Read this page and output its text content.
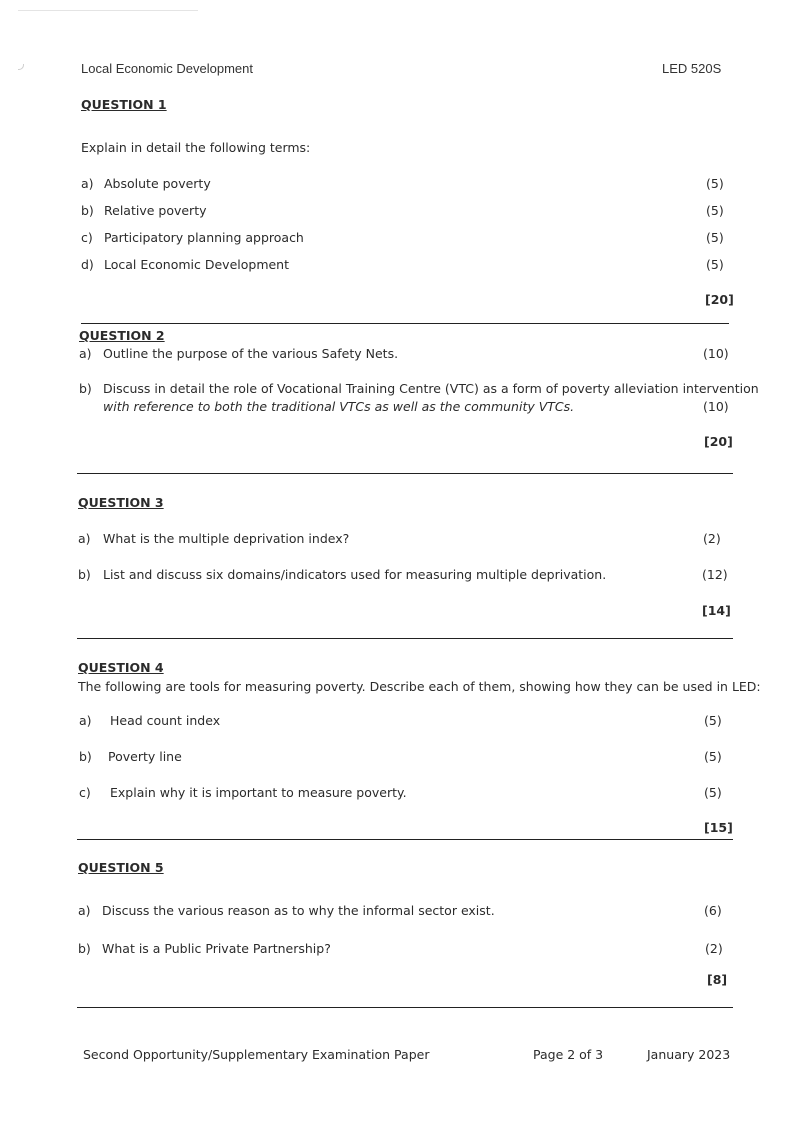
Local Economic Development	LED 520S
QUESTION 1
Explain in detail the following terms:
a) Absolute poverty	(5)
b) Relative poverty	(5)
c) Participatory planning approach	(5)
d) Local Economic Development	(5)
[20]
QUESTION 2
a) Outline the purpose of the various Safety Nets.	(10)
b) Discuss in detail the role of Vocational Training Centre (VTC) as a form of poverty alleviation intervention
with reference to both the traditional VTCs as well as the community VTCs.	(10)
[20]
QUESTION 3
a) What is the multiple deprivation index?	(2)
b) List and discuss six domains/indicators used for measuring multiple deprivation.	(12)
[14]
QUESTION 4
The following are tools for measuring poverty. Describe each of them, showing how they can be used in LED:
a) Head count index	(5)
b) Poverty line	(5)
c) Explain why it is important to measure poverty.	(5)
[15]
QUESTION 5
a) Discuss the various reason as to why the informal sector exist.	(6)
b) What is a Public Private Partnership?	(2)
[8]
Second Opportunity/Supplementary Examination Paper	Page 2 of 3	January 2023
